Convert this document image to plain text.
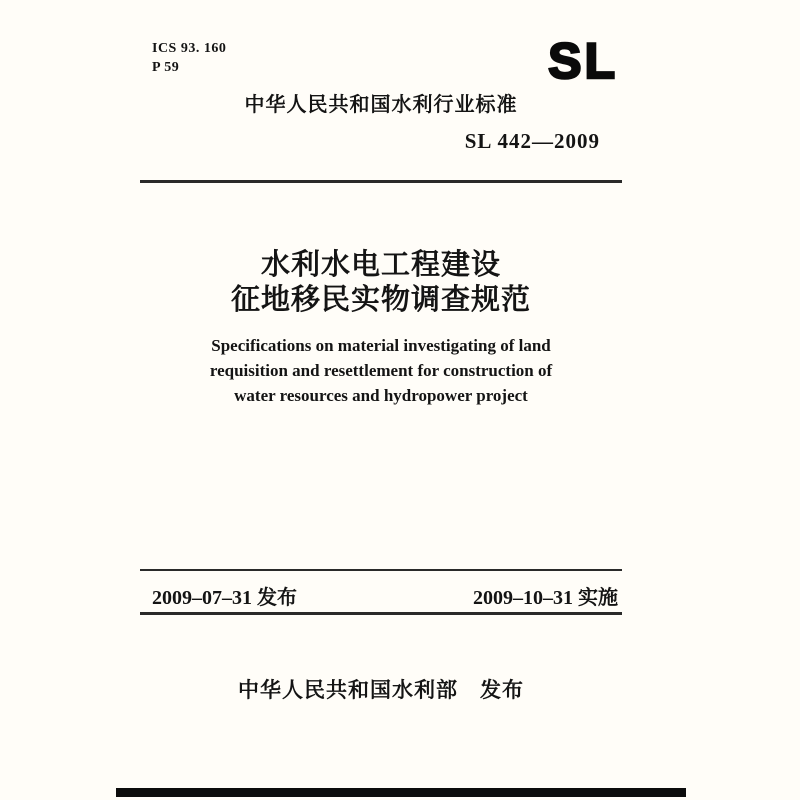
ICS 93. 160
P 59	SL
中华人民共和国水利行业标准
SL 442—2009
水利水电工程建设
征地移民实物调查规范
Specifications on material investigating of land
requisition and resettlement for construction of
water resources and hydropower project
2009–07–31 发布	2009–10–31 实施
中华人民共和国水利部　发布
